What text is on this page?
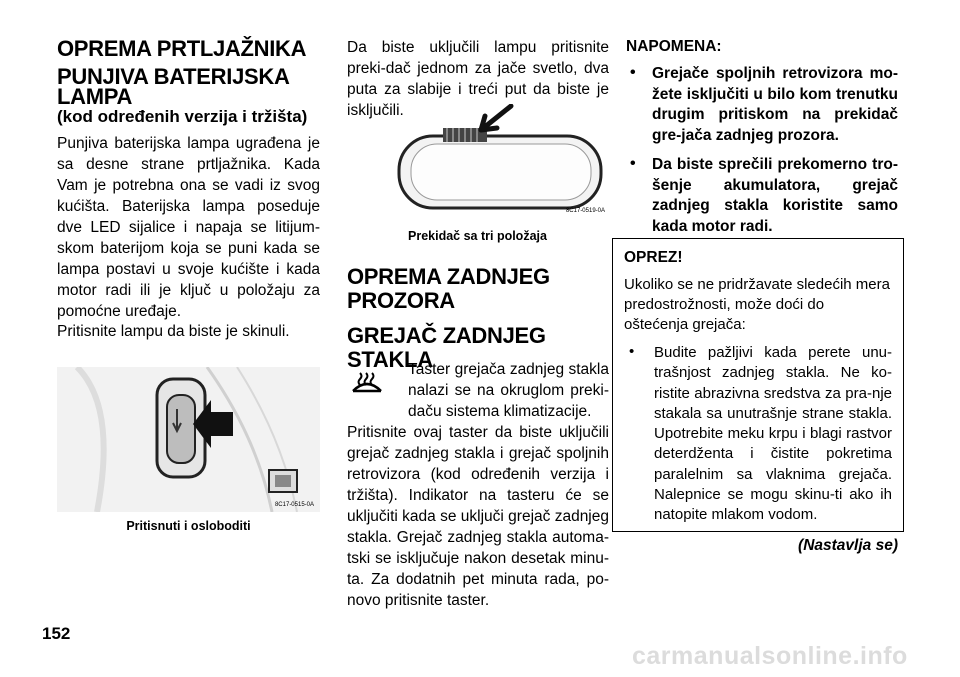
OPREMA PRTLJAŽNIKA
PUNJIVA BATERIJSKA
LAMPA
(kod određenih verzija i tržišta)
Punjiva baterijska lampa ugrađena je sa desne strane prtljažnika. Kada Vam je potrebna ona se vadi iz svog kućišta. Baterijska lampa poseduje dve LED sijalice i napaja se litijum-skom baterijom koja se puni kada se lampa postavi u svoje kućište i kada motor radi ili je ključ u položaju za pomoćne uređaje.
Pritisnite lampu da biste je skinuli.
8C17-0515-0A
Pritisnuti i osloboditi
Da biste uključili lampu pritisnite preki-dač jednom za jače svetlo, dva puta za slabije i treći put da biste je isključili.
8C17-0519-0A
Prekidač sa tri položaja
OPREMA ZADNJEG
PROZORA
GREJAČ ZADNJEG STAKLA
Taster grejača zadnjeg stakla nalazi se na okruglom preki-daču sistema klimatizacije.
Pritisnite ovaj taster da biste uključili grejač zadnjeg stakla i grejač spoljnih retrovizora (kod određenih verzija i tržišta). Indikator na tasteru će se uključiti kada se uključi grejač zadnjeg stakla. Grejač zadnjeg stakla automa-tski se isključuje nakon desetak minu-ta. Za dodatnih pet minuta rada, po-novo pritisnite taster.
NAPOMENA:
• Grejače spoljnih retrovizora mo-žete isključiti u bilo kom trenutku drugim pritiskom na prekidač gre-jača zadnjeg prozora.
• Da biste sprečili prekomerno tro-šenje akumulatora, grejač zadnjeg stakla koristite samo kada motor radi.
OPREZ!
Ukoliko se ne pridržavate sledećih mera predostrožnosti, može doći do oštećenja grejača:
• Budite pažljivi kada perete unu-trašnjost zadnjeg stakla. Ne ko-ristite abrazivna sredstva za pra-nje stakala sa unutrašnje strane stakla. Upotrebite meku krpu i blagi rastvor deterdženta i čistite pokretima paralelnim sa vlaknima grejača. Nalepnice se mogu skinu-ti ako ih natopite mlakom vodom.
(Nastavlja se)
152
carmanualsonline.info
